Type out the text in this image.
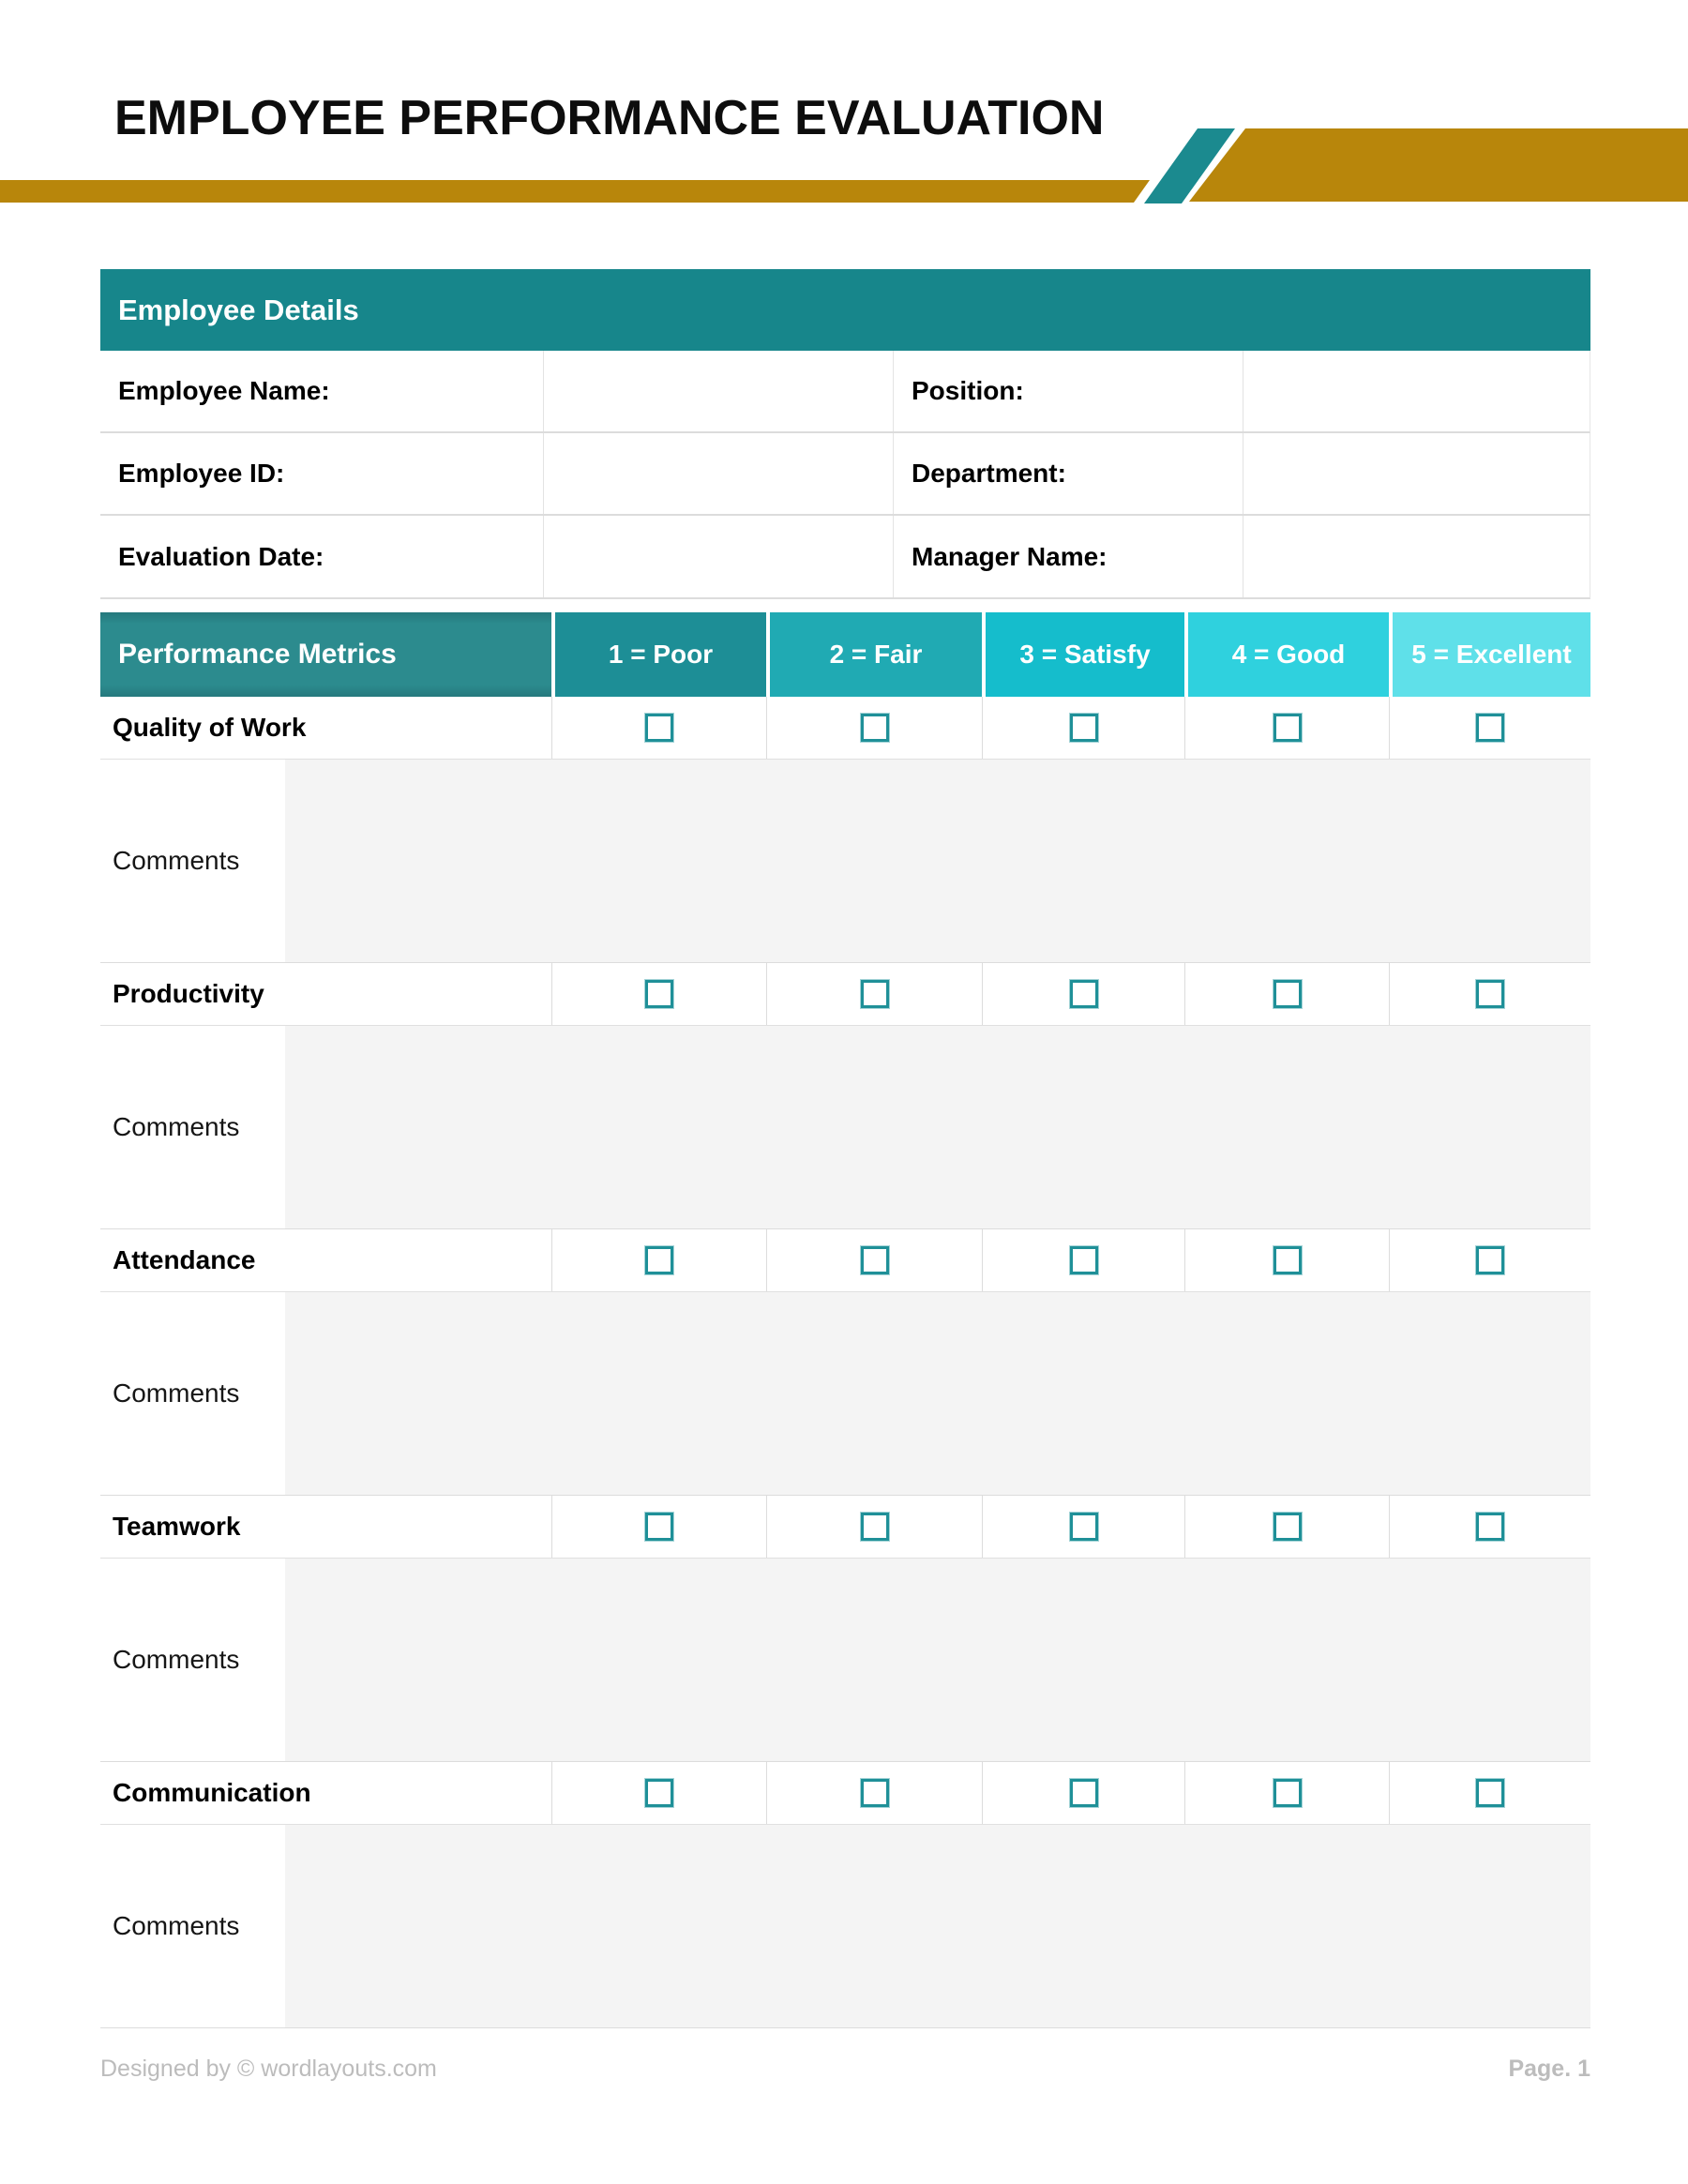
EMPLOYEE PERFORMANCE EVALUATION
Employee Details
Employee Name:	Position:
Employee ID:	Department:
Evaluation Date:	Manager Name:
Performance Metrics	1 = Poor	2 = Fair	3 = Satisfy	4 = Good	5 = Excellent
Quality of Work
Comments
Productivity
Comments
Attendance
Comments
Teamwork
Comments
Communication
Comments
Designed by © wordlayouts.com	Page. 1
